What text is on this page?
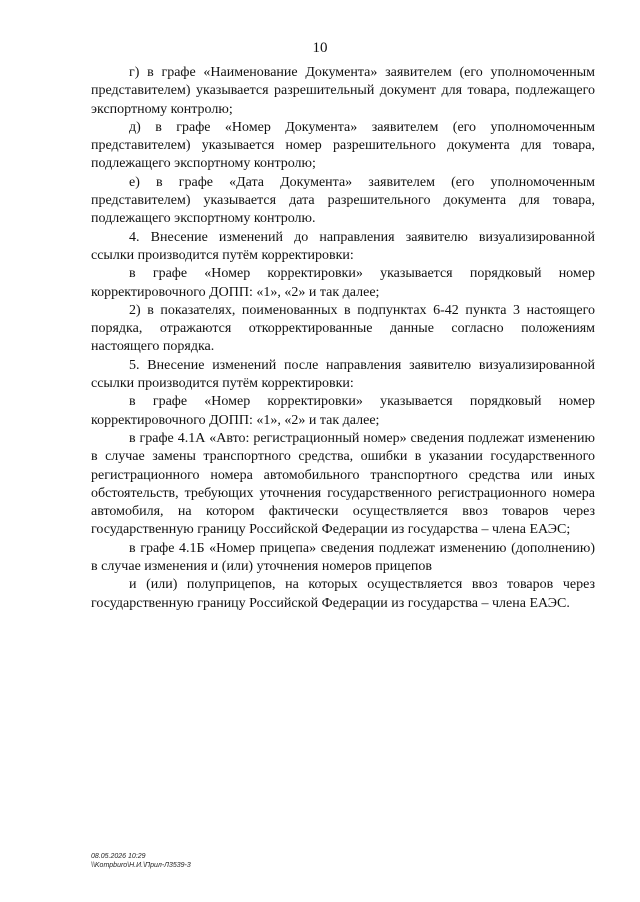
10

г) в графе «Наименование Документа» заявителем (его уполномоченным представителем) указывается разрешительный документ для товара, подлежащего экспортному контролю;

д) в графе «Номер Документа» заявителем (его уполномоченным представителем) указывается номер разрешительного документа для товара, подлежащего экспортному контролю;

е) в графе «Дата Документа» заявителем (его уполномоченным представителем) указывается дата разрешительного документа для товара, подлежащего экспортному контролю.

4. Внесение изменений до направления заявителю визуализированной ссылки производится путём корректировки:

в графе «Номер корректировки» указывается порядковый номер корректировочного ДОПП: «1», «2» и так далее;

2) в показателях, поименованных в подпунктах 6-42 пункта 3 настоящего порядка, отражаются откорректированные данные согласно положениям настоящего порядка.

5. Внесение изменений после направления заявителю визуализированной ссылки производится путём корректировки:

в графе «Номер корректировки» указывается порядковый номер корректировочного ДОПП: «1», «2» и так далее;

в графе 4.1А «Авто: регистрационный номер» сведения подлежат изменению в случае замены транспортного средства, ошибки в указании государственного регистрационного номера автомобильного транспортного средства или иных обстоятельств, требующих уточнения государственного регистрационного номера автомобиля, на котором фактически осуществляется ввоз товаров через государственную границу Российской Федерации из государства – члена ЕАЭС;

в графе 4.1Б «Номер прицепа» сведения подлежат изменению (дополнению) в случае изменения и (или) уточнения номеров прицепов

и (или) полуприцепов, на которых осуществляется ввоз товаров через государственную границу Российской Федерации из государства – члена ЕАЭС.

08.05.2026 10:29
\\Kompburo\Н.И.\Прил-Л3539-3
